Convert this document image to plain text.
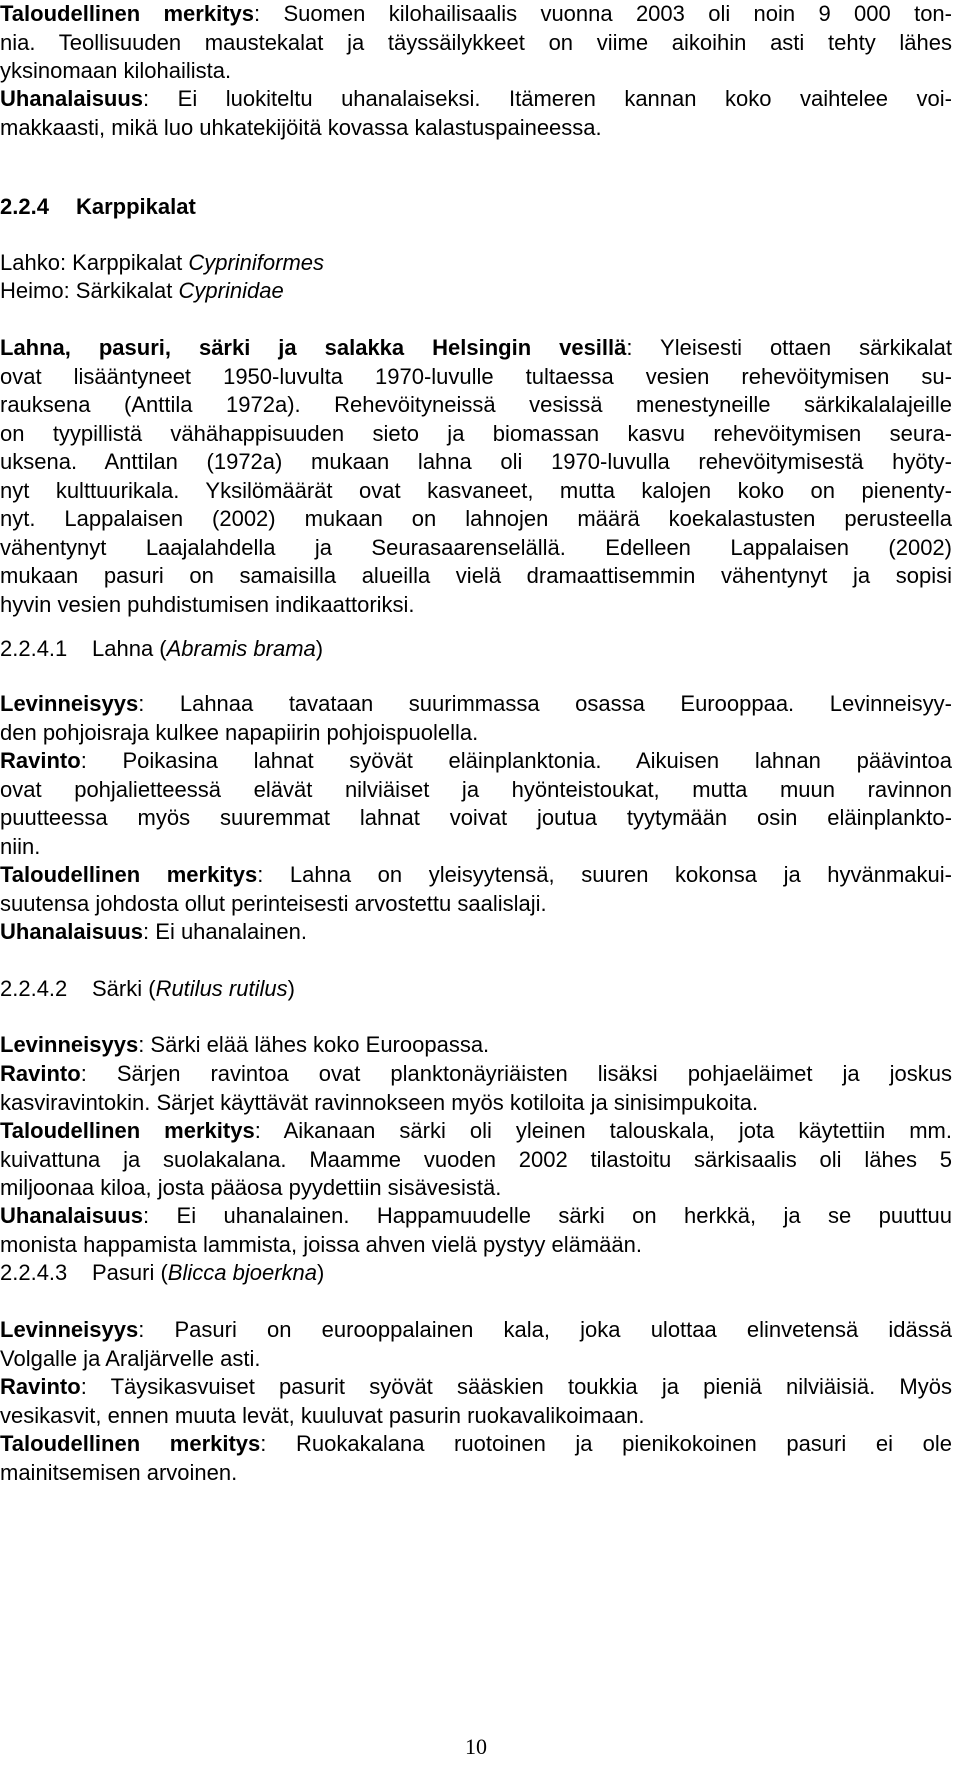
Taloudellinen merkitys: Suomen kilohailisaalis vuonna 2003 oli noin 9 000 ton-
nia. Teollisuuden maustekalat ja täyssäilykkeet on viime aikoihin asti tehty lähes
yksinomaan kilohailista.
Uhanalaisuus: Ei luokiteltu uhanalaiseksi. Itämeren kannan koko vaihtelee voi-
makkaasti, mikä luo uhkatekijöitä kovassa kalastuspaineessa.
2.2.4 Karppikalat
Lahko: Karppikalat Cypriniformes
Heimo: Särkikalat Cyprinidae
Lahna, pasuri, särki ja salakka Helsingin vesillä: Yleisesti ottaen särkikalat
ovat lisääntyneet 1950-luvulta 1970-luvulle tultaessa vesien rehevöitymisen su-
rauksena (Anttila 1972a). Rehevöityneissä vesissä menestyneille särkikalalajeille
on tyypillistä vähähappisuuden sieto ja biomassan kasvu rehevöitymisen seura-
uksena. Anttilan (1972a) mukaan lahna oli 1970-luvulla rehevöitymisestä hyöty-
nyt kulttuurikala. Yksilömäärät ovat kasvaneet, mutta kalojen koko on pienenty-
nyt. Lappalaisen (2002) mukaan on lahnojen määrä koekalastusten perusteella
vähentynyt Laajalahdella ja Seurasaarenselällä. Edelleen Lappalaisen (2002)
mukaan pasuri on samaisilla alueilla vielä dramaattisemmin vähentynyt ja sopisi
hyvin vesien puhdistumisen indikaattoriksi.
2.2.4.1 Lahna (Abramis brama)
Levinneisyys: Lahnaa tavataan suurimmassa osassa Eurooppaa. Levinneisyy-
den pohjoisraja kulkee napapiirin pohjoispuolella.
Ravinto: Poikasina lahnat syövät eläinplanktonia. Aikuisen lahnan päävintoa
ovat pohjalietteessä elävät nilviäiset ja hyönteistoukat, mutta muun ravinnon
puutteessa myös suuremmat lahnat voivat joutua tyytymään osin eläinplankto-
niin.
Taloudellinen merkitys: Lahna on yleisyytensä, suuren kokonsa ja hyvänmakui-
suutensa johdosta ollut perinteisesti arvostettu saalislaji.
Uhanalaisuus: Ei uhanalainen.
2.2.4.2 Särki (Rutilus rutilus)
Levinneisyys: Särki elää lähes koko Euroopassa.
Ravinto: Särjen ravintoa ovat planktonäyriäisten lisäksi pohjaeläimet ja joskus
kasviravintokin. Särjet käyttävät ravinnokseen myös kotiloita ja sinisimpukoita.
Taloudellinen merkitys: Aikanaan särki oli yleinen talouskala, jota käytettiin mm.
kuivattuna ja suolakalana. Maamme vuoden 2002 tilastoitu särkisaalis oli lähes 5
miljoonaa kiloa, josta pääosa pyydettiin sisävesistä.
Uhanalaisuus: Ei uhanalainen. Happamuudelle särki on herkkä, ja se puuttuu
monista happamista lammista, joissa ahven vielä pystyy elämään.
2.2.4.3 Pasuri (Blicca bjoerkna)
Levinneisyys: Pasuri on eurooppalainen kala, joka ulottaa elinvetensä idässä
Volgalle ja Araljärvelle asti.
Ravinto: Täysikasvuiset pasurit syövät sääskien toukkia ja pieniä nilviäisiä. Myös
vesikasvit, ennen muuta levät, kuuluvat pasurin ruokavalikoimaan.
Taloudellinen merkitys: Ruokakalana ruotoinen ja pienikokoinen pasuri ei ole
mainitsemisen arvoinen.
10
